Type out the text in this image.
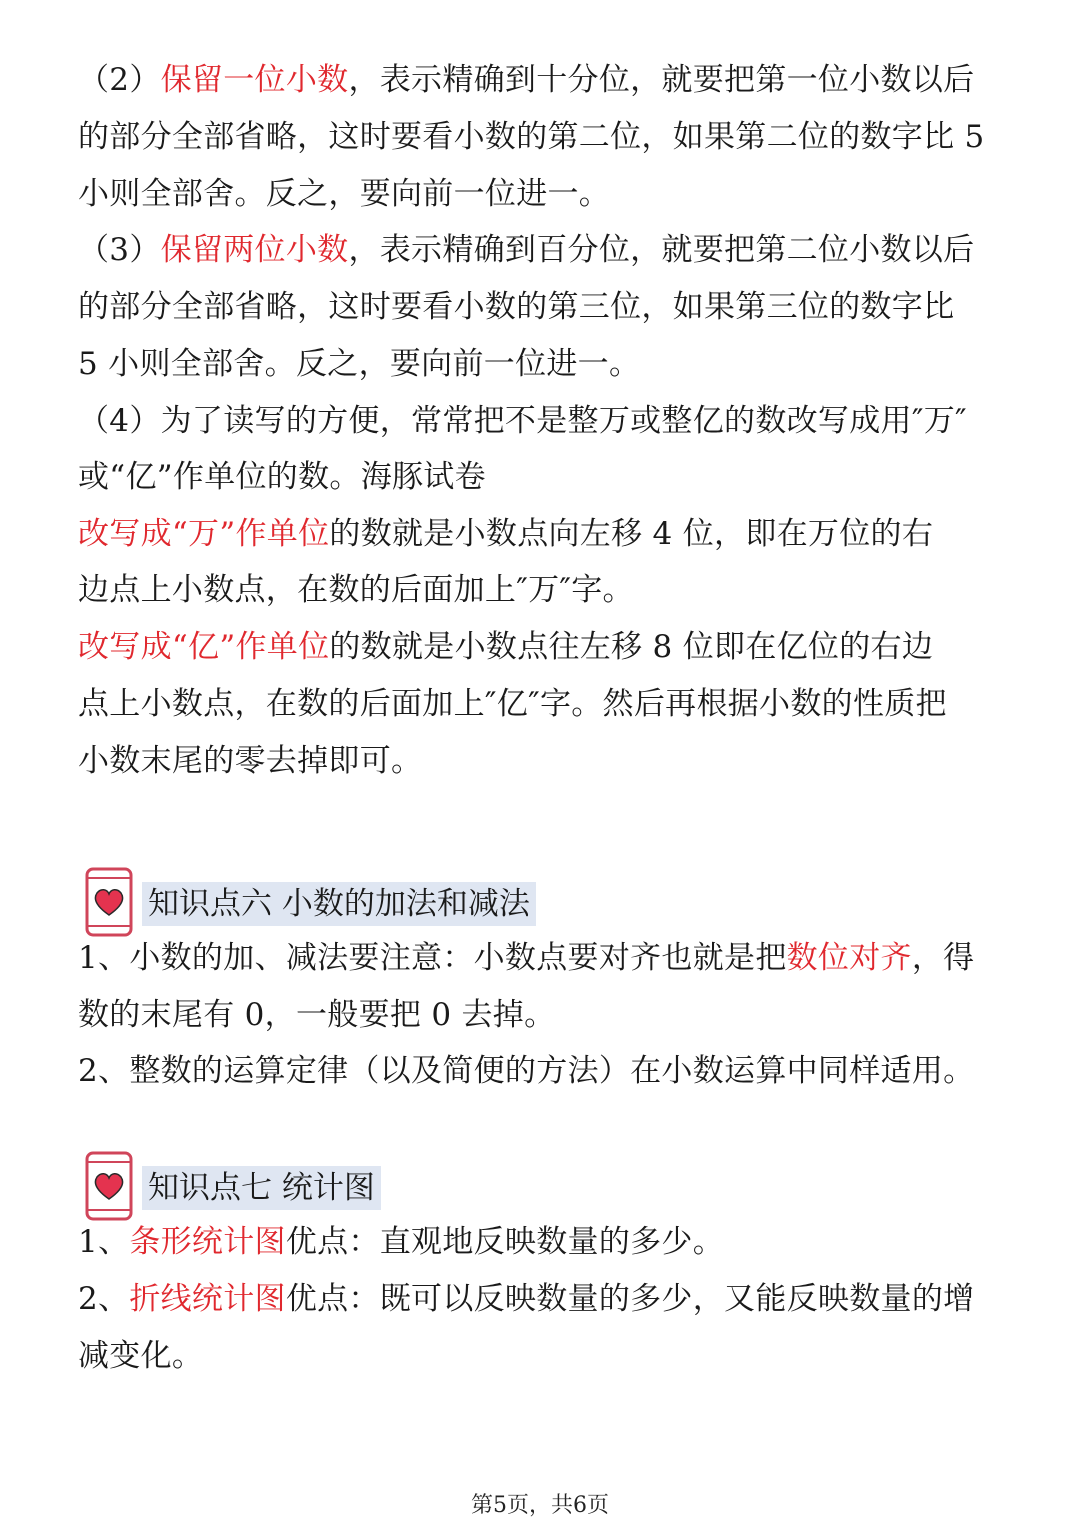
（2）保留一位小数，表示精确到十分位，就要把第一位小数以后
的部分全部省略，这时要看小数的第二位，如果第二位的数字比 5
小则全部舍。反之，要向前一位进一。
（3）保留两位小数，表示精确到百分位，就要把第二位小数以后
的部分全部省略，这时要看小数的第三位，如果第三位的数字比
5 小则全部舍。反之，要向前一位进一。
（4）为了读写的方便，常常把不是整万或整亿的数改写成用″万″
或“亿”作单位的数。海豚试卷
改写成“万”作单位的数就是小数点向左移 4 位，即在万位的右
边点上小数点，在数的后面加上″万″字。
改写成“亿”作单位的数就是小数点往左移 8 位即在亿位的右边
点上小数点，在数的后面加上″亿″字。然后再根据小数的性质把
小数末尾的零去掉即可。
知识点六 小数的加法和减法
1、小数的加、减法要注意：小数点要对齐也就是把数位对齐，得
数的末尾有 0，一般要把 0 去掉。
2、整数的运算定律（以及简便的方法）在小数运算中同样适用。
知识点七 统计图
1、条形统计图优点：直观地反映数量的多少。
2、折线统计图优点：既可以反映数量的多少，又能反映数量的增
减变化。
第5页，共6页
